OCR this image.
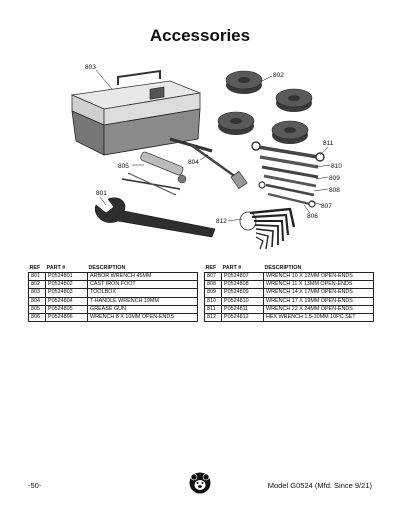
Accessories
803
802
811
810
809
808
807
806
805
804
801
812
REF	PART #	DESCRIPTION
801	P0524801	ARBOR WRENCH 45MM
802	P0524802	CAST IRON FOOT
803	P0524803	TOOLBOX
804	P0524804	T-HANDLE WRENCH 19MM
805	P0524805	GREASE GUN
806	P0524806	WRENCH 8 X 10MM OPEN-ENDS
REF	PART #	DESCRIPTION
807	P0524807	WRENCH 10 X 12MM OPEN-ENDS
808	P0524808	WRENCH 11 X 13MM OPEN-ENDS
809	P0524809	WRENCH 14 X 17MM OPEN-ENDS
810	P0524810	WRENCH 17 X 19MM OPEN-ENDS
811	P0524811	WRENCH 22 X 24MM OPEN-ENDS
812	P0524812	HEX WRENCH 1.5-10MM 10PC SET
-50-	Model G0524 (Mfd. Since 9/21)
